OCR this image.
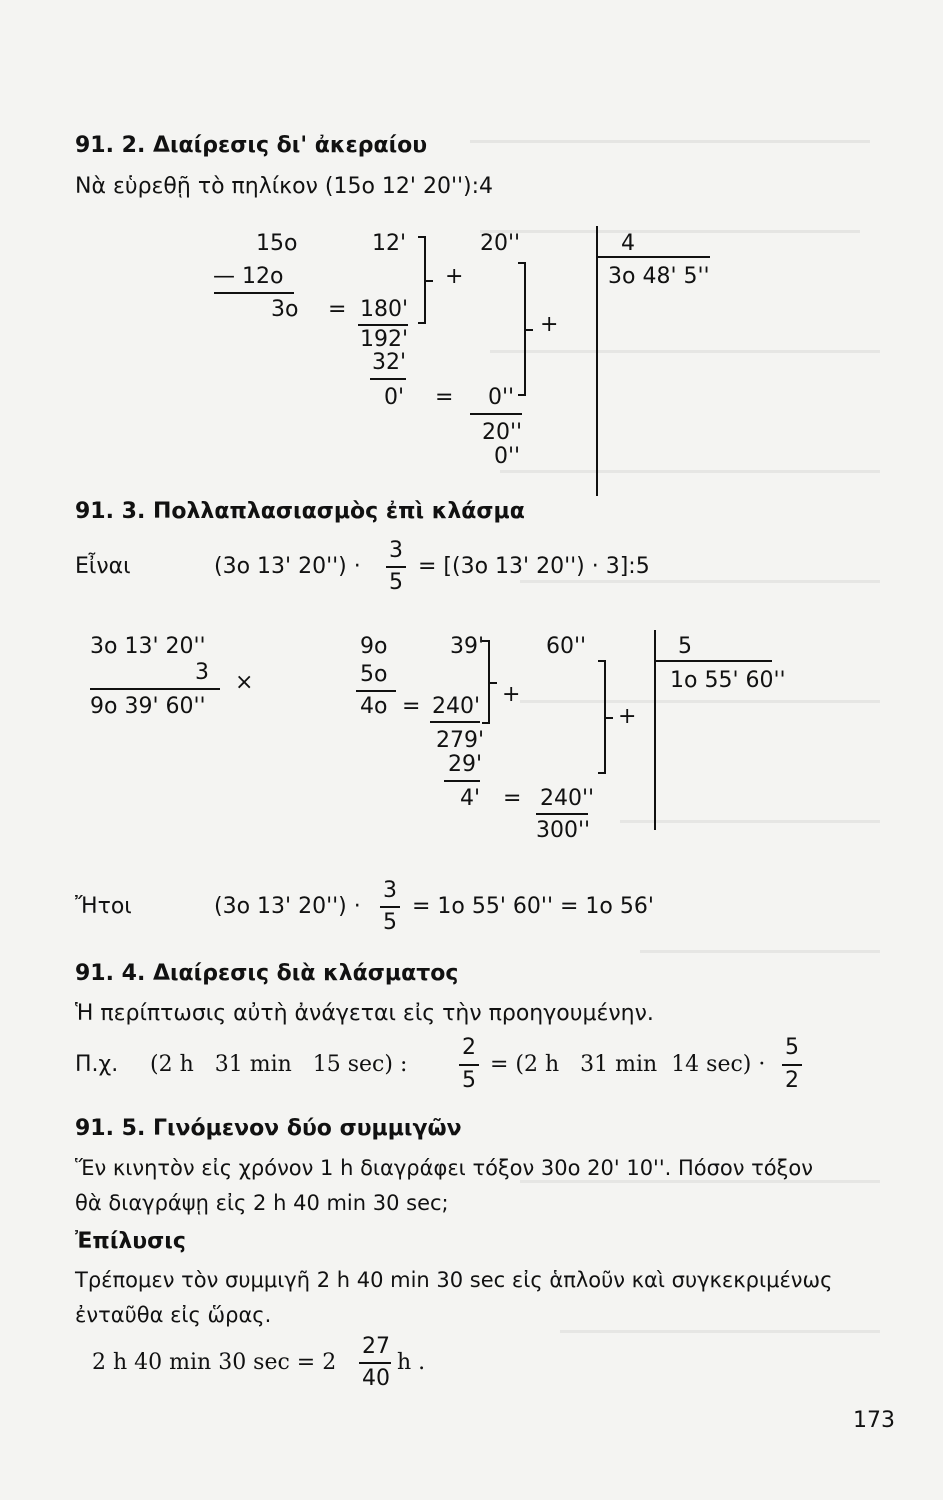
91. 2. Διαίρεσις δι' ἀκεραίου
Νὰ εὑρεθῇ τὸ πηλίκον (15ο 12' 20''):4
15ο	12'	20''	4
— 12ο	+	3ο 48' 5''
3ο = 180'
+
192'
32'
0' = 0''
20''
0''
91. 3. Πολλαπλασιασμὸς ἐπὶ κλάσμα
Εἶναι	(3ο 13' 20'') ·
3
5
= [(3ο 13' 20'') · 3]:5
3ο 13' 20''
3 ×
9ο 39' 60''
9ο	39'	60''	5
5ο
+
1ο 55' 60''
4ο = 240'	+
279'
29'
4' = 240''
300''
Ἤτοι	(3ο 13' 20'') ·
3
5
= 1ο 55' 60'' = 1ο 56'
91. 4. Διαίρεσις διὰ κλάσματος
Ἡ περίπτωσις αὐτὴ ἀνάγεται εἰς τὴν προηγουμένην.
Π.χ. (2 h   31 min   15 sec) :
2
5
= (2 h   31 min  14 sec) ·
5
2
91. 5. Γινόμενον δύο συμμιγῶν
Ἕν κινητὸν εἰς χρόνον 1 h διαγράφει τόξον 30ο 20' 10''. Πόσον τόξον
θὰ διαγράψῃ εἰς 2 h 40 min 30 sec;
Ἐπίλυσις
Τρέπομεν τὸν συμμιγῆ 2 h 40 min 30 sec εἰς ἁπλοῦν καὶ συγκεκριμένως
ἐνταῦθα εἰς ὥρας.
2 h 40 min 30 sec = 2
27
40
h .
173
